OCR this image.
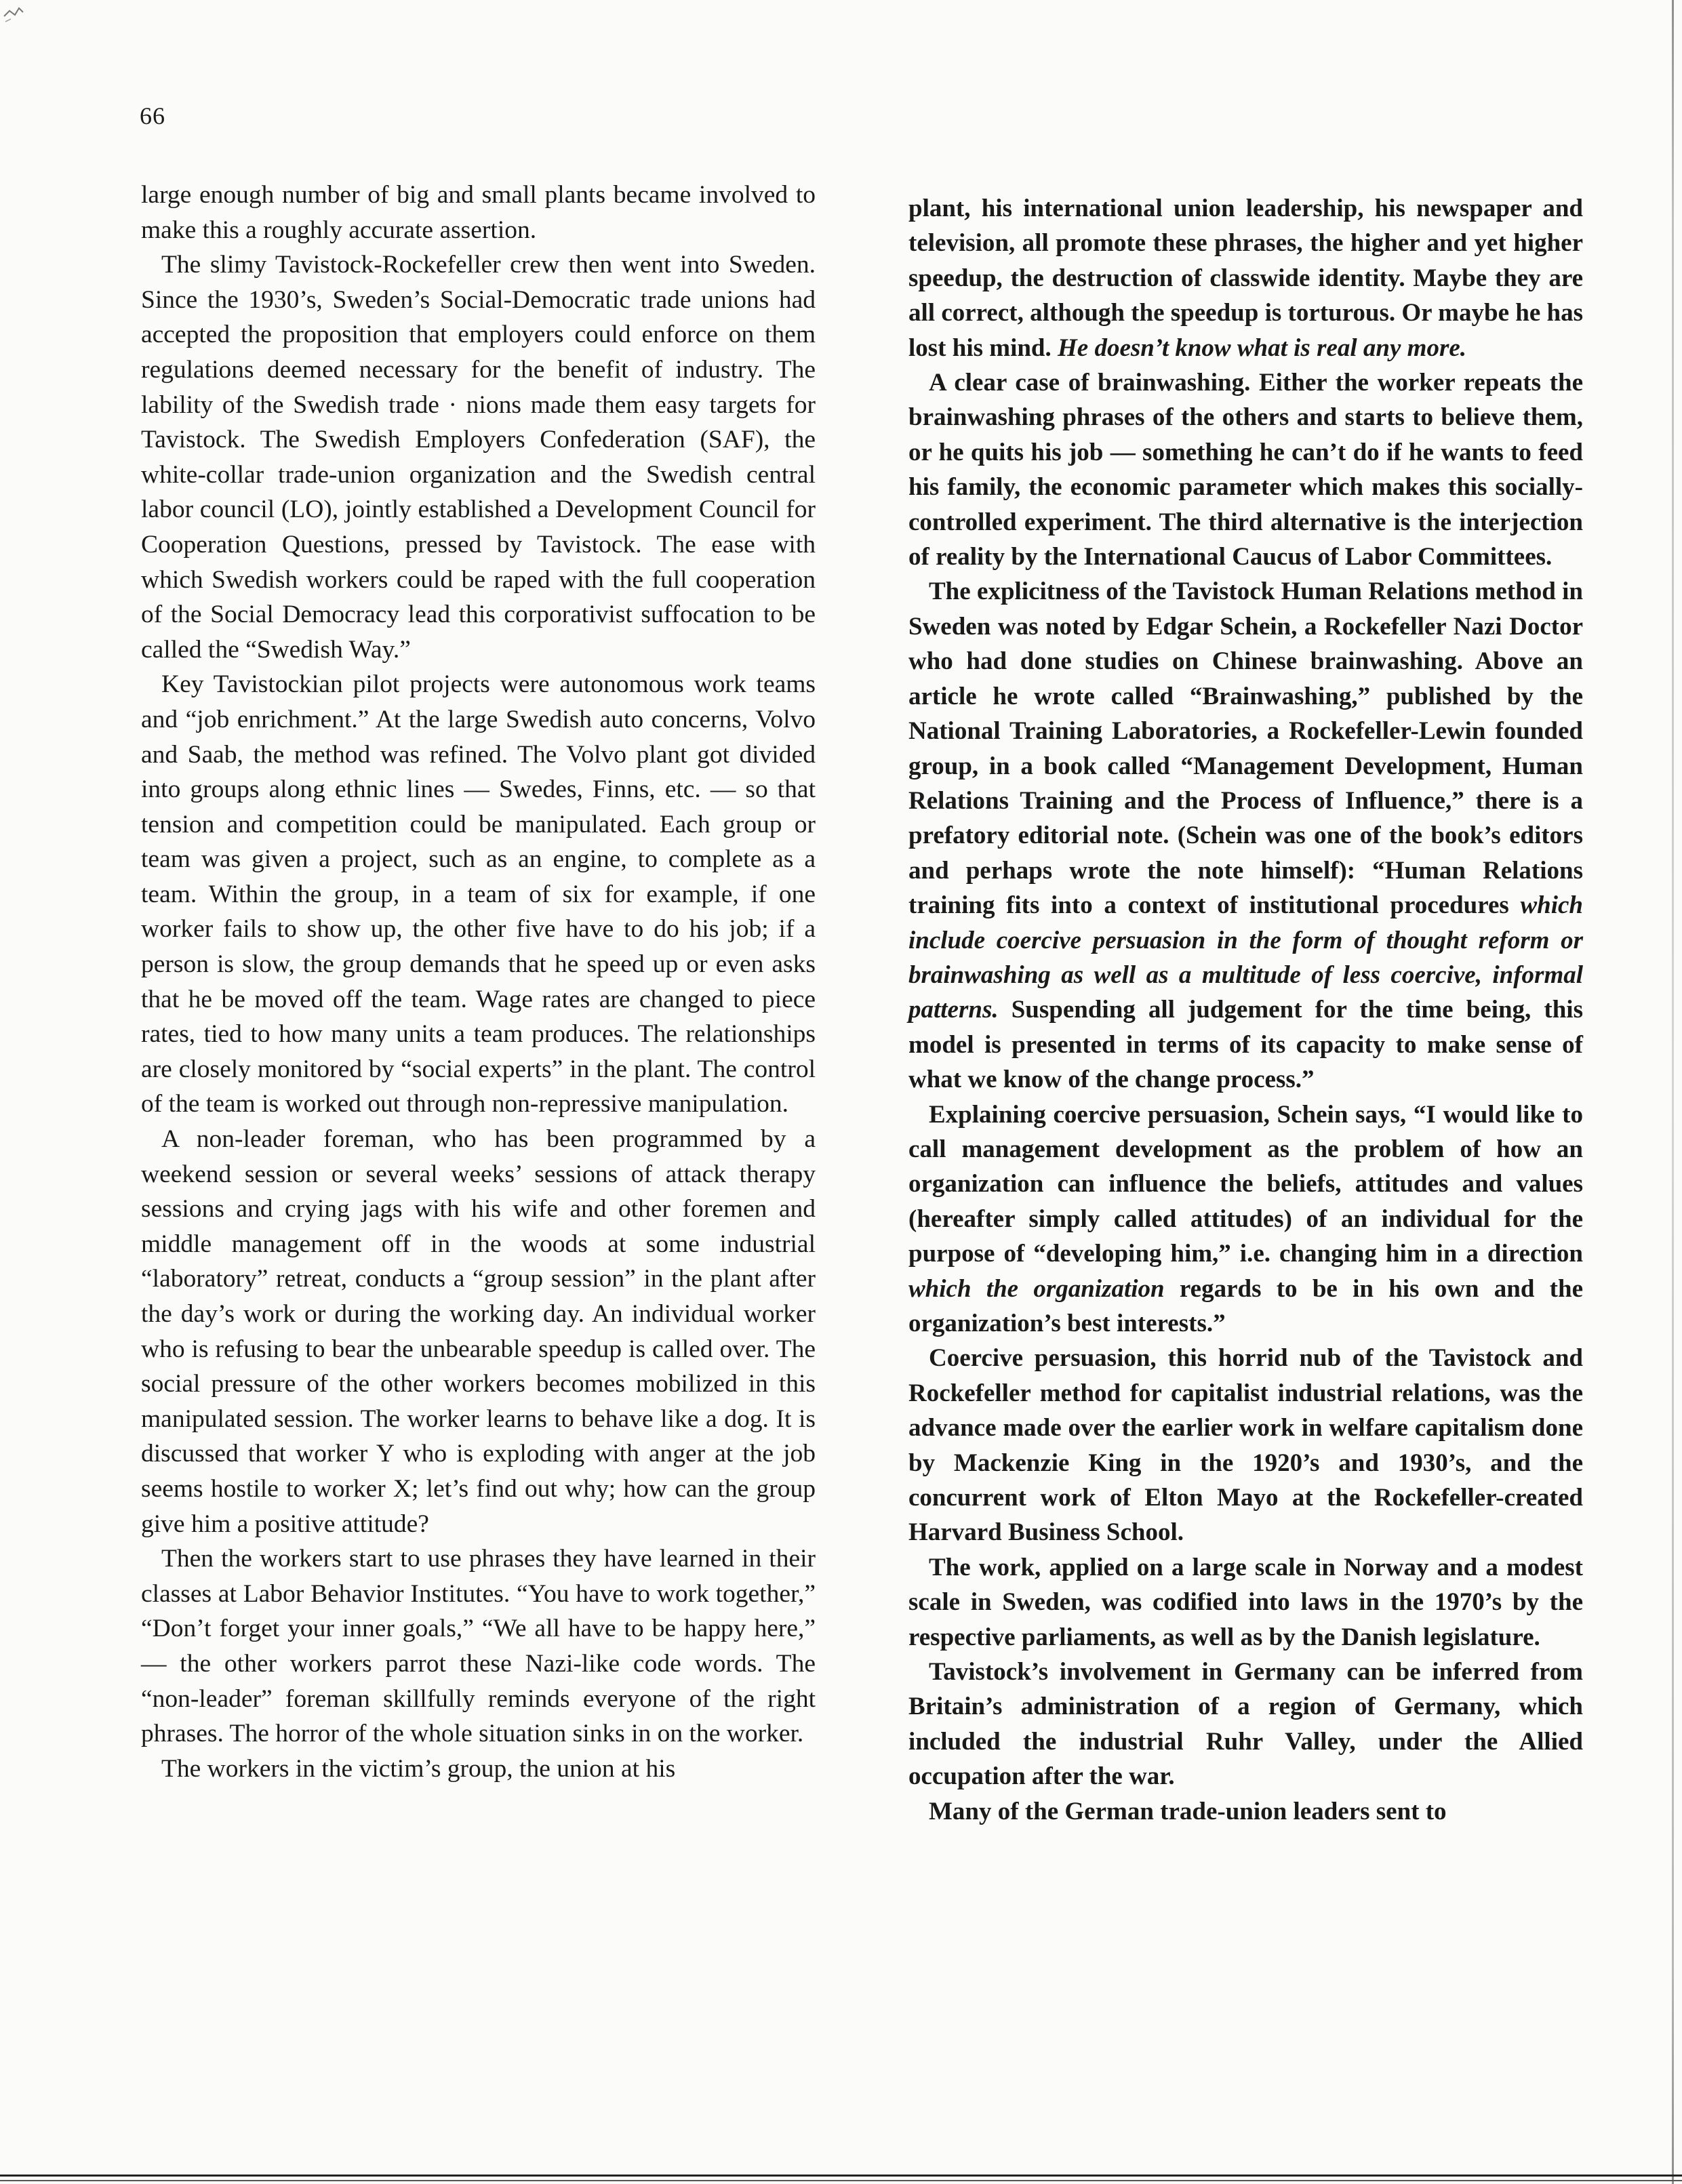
66

large enough number of big and small plants became involved to make this a roughly accurate assertion.

The slimy Tavistock-Rockefeller crew then went into Sweden. Since the 1930’s, Sweden’s Social-Democratic trade unions had accepted the proposition that employers could enforce on them regulations deemed necessary for the benefit of industry. The lability of the Swedish trade · nions made them easy targets for Tavistock. The Swedish Employers Confederation (SAF), the white-collar trade-union organization and the Swedish central labor council (LO), jointly established a Development Council for Cooperation Questions, pressed by Tavistock. The ease with which Swedish workers could be raped with the full cooperation of the Social Democracy lead this corporativist suffocation to be called the “Swedish Way.”

Key Tavistockian pilot projects were autonomous work teams and “job enrichment.” At the large Swedish auto concerns, Volvo and Saab, the method was refined. The Volvo plant got divided into groups along ethnic lines — Swedes, Finns, etc. — so that tension and competition could be manipulated. Each group or team was given a project, such as an engine, to complete as a team. Within the group, in a team of six for example, if one worker fails to show up, the other five have to do his job; if a person is slow, the group demands that he speed up or even asks that he be moved off the team. Wage rates are changed to piece rates, tied to how many units a team produces. The relationships are closely monitored by “social experts” in the plant. The control of the team is worked out through non-repressive manipulation.

A non-leader foreman, who has been programmed by a weekend session or several weeks’ sessions of attack therapy sessions and crying jags with his wife and other foremen and middle management off in the woods at some industrial “laboratory” retreat, conducts a “group session” in the plant after the day’s work or during the working day. An individual worker who is refusing to bear the unbearable speedup is called over. The social pressure of the other workers becomes mobilized in this manipulated session. The worker learns to behave like a dog. It is discussed that worker Y who is exploding with anger at the job seems hostile to worker X; let’s find out why; how can the group give him a positive attitude?

Then the workers start to use phrases they have learned in their classes at Labor Behavior Institutes. “You have to work together,” “Don’t forget your inner goals,” “We all have to be happy here,” — the other workers parrot these Nazi-like code words. The “non-leader” foreman skillfully reminds everyone of the right phrases. The horror of the whole situation sinks in on the worker.

The workers in the victim’s group, the union at his

plant, his international union leadership, his newspaper and television, all promote these phrases, the higher and yet higher speedup, the destruction of classwide identity. Maybe they are all correct, although the speedup is torturous. Or maybe he has lost his mind. He doesn’t know what is real any more.

A clear case of brainwashing. Either the worker repeats the brainwashing phrases of the others and starts to believe them, or he quits his job — something he can’t do if he wants to feed his family, the economic parameter which makes this socially-controlled experiment. The third alternative is the interjection of reality by the International Caucus of Labor Committees.

The explicitness of the Tavistock Human Relations method in Sweden was noted by Edgar Schein, a Rockefeller Nazi Doctor who had done studies on Chinese brainwashing. Above an article he wrote called “Brainwashing,” published by the National Training Laboratories, a Rockefeller-Lewin founded group, in a book called “Management Development, Human Relations Training and the Process of Influence,” there is a prefatory editorial note. (Schein was one of the book’s editors and perhaps wrote the note himself): “Human Relations training fits into a context of institutional procedures which include coercive persuasion in the form of thought reform or brainwashing as well as a multitude of less coercive, informal patterns. Suspending all judgement for the time being, this model is presented in terms of its capacity to make sense of what we know of the change process.”

Explaining coercive persuasion, Schein says, “I would like to call management development as the problem of how an organization can influence the beliefs, attitudes and values (hereafter simply called attitudes) of an individual for the purpose of “developing him,” i.e. changing him in a direction which the organization regards to be in his own and the organization’s best interests.”

Coercive persuasion, this horrid nub of the Tavistock and Rockefeller method for capitalist industrial relations, was the advance made over the earlier work in welfare capitalism done by Mackenzie King in the 1920’s and 1930’s, and the concurrent work of Elton Mayo at the Rockefeller-created Harvard Business School.

The work, applied on a large scale in Norway and a modest scale in Sweden, was codified into laws in the 1970’s by the respective parliaments, as well as by the Danish legislature.

Tavistock’s involvement in Germany can be inferred from Britain’s administration of a region of Germany, which included the industrial Ruhr Valley, under the Allied occupation after the war.

Many of the German trade-union leaders sent to
